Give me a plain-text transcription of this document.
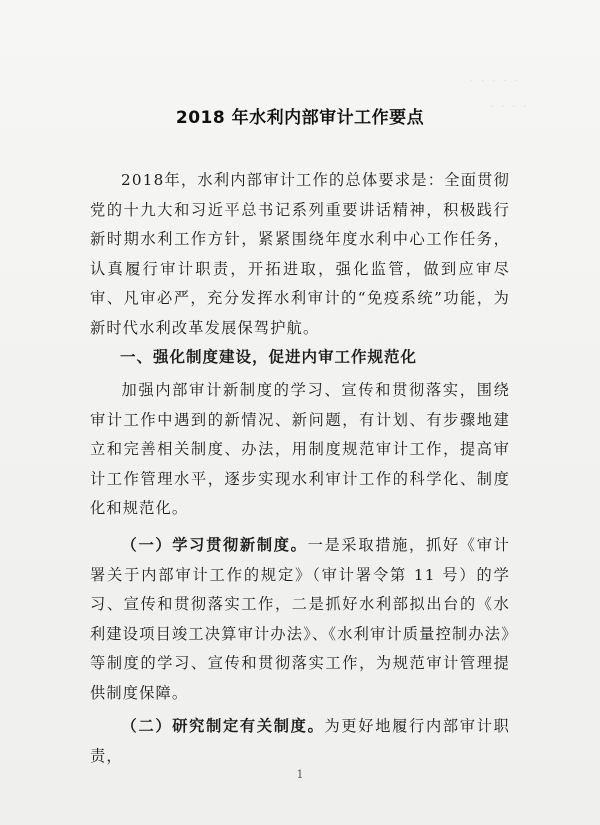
· · · · ·
· · · ·
2018 年水利内部审计工作要点
2018年，水利内部审计工作的总体要求是：全面贯彻党的十九大和习近平总书记系列重要讲话精神，积极践行新时期水利工作方针，紧紧围绕年度水利中心工作任务，认真履行审计职责，开拓进取，强化监管，做到应审尽审、凡审必严，充分发挥水利审计的“免疫系统”功能，为新时代水利改革发展保驾护航。
一、强化制度建设，促进内审工作规范化
加强内部审计新制度的学习、宣传和贯彻落实，围绕审计工作中遇到的新情况、新问题，有计划、有步骤地建立和完善相关制度、办法，用制度规范审计工作，提高审计工作管理水平，逐步实现水利审计工作的科学化、制度化和规范化。
（一）学习贯彻新制度。一是采取措施，抓好《审计署关于内部审计工作的规定》（审计署令第 11 号）的学习、宣传和贯彻落实工作，二是抓好水利部拟出台的《水利建设项目竣工决算审计办法》、《水利审计质量控制办法》等制度的学习、宣传和贯彻落实工作，为规范审计管理提供制度保障。
（二）研究制定有关制度。为更好地履行内部审计职责，
1
